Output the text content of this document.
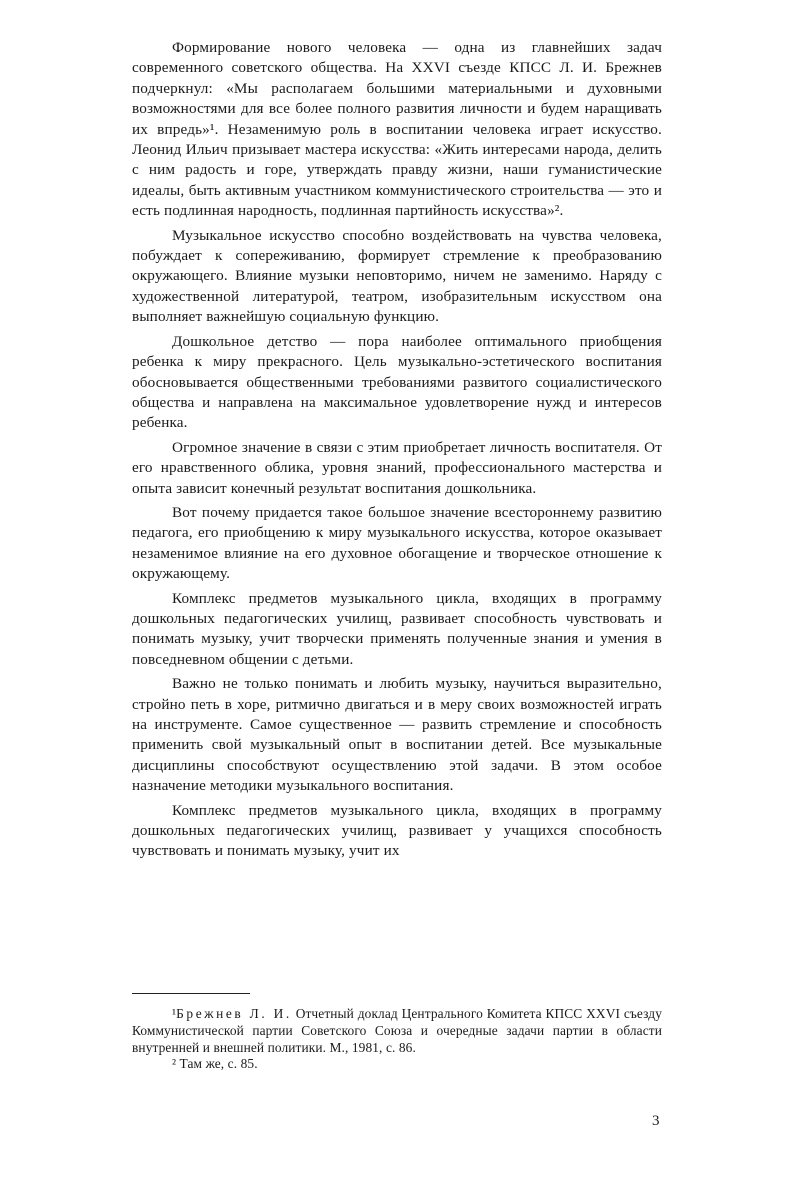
Формирование нового человека — одна из главнейших задач современного советского общества. На XXVI съезде КПСС Л. И. Брежнев подчеркнул: «Мы располагаем большими материальными и духовными возможностями для все более полного развития личности и будем наращивать их впредь»¹. Незаменимую роль в воспитании человека играет искусство. Леонид Ильич призывает мастера искусства: «Жить интересами народа, делить с ним радость и горе, утверждать правду жизни, наши гуманистические идеалы, быть активным участником коммунистического строительства — это и есть подлинная народность, подлинная партийность искусства»².

Музыкальное искусство способно воздействовать на чувства человека, побуждает к сопереживанию, формирует стремление к преобразованию окружающего. Влияние музыки неповторимо, ничем не заменимо. Наряду с художественной литературой, театром, изобразительным искусством она выполняет важнейшую социальную функцию.

Дошкольное детство — пора наиболее оптимального приобщения ребенка к миру прекрасного. Цель музыкально-эстетического воспитания обосновывается общественными требованиями развитого социалистического общества и направлена на максимальное удовлетворение нужд и интересов ребенка.

Огромное значение в связи с этим приобретает личность воспитателя. От его нравственного облика, уровня знаний, профессионального мастерства и опыта зависит конечный результат воспитания дошкольника.

Вот почему придается такое большое значение всестороннему развитию педагога, его приобщению к миру музыкального искусства, которое оказывает незаменимое влияние на его духовное обогащение и творческое отношение к окружающему.

Комплекс предметов музыкального цикла, входящих в программу дошкольных педагогических училищ, развивает способность чувствовать и понимать музыку, учит творчески применять полученные знания и умения в повседневном общении с детьми.

Важно не только понимать и любить музыку, научиться выразительно, стройно петь в хоре, ритмично двигаться и в меру своих возможностей играть на инструменте. Самое существенное — развить стремление и способность применить свой музыкальный опыт в воспитании детей. Все музыкальные дисциплины способствуют осуществлению этой задачи. В этом особое назначение методики музыкального воспитания.

Комплекс предметов музыкального цикла, входящих в программу дошкольных педагогических училищ, развивает у учащихся способность чувствовать и понимать музыку, учит их

¹Брежнев Л. И. Отчетный доклад Центрального Комитета КПСС XXVI съезду Коммунистической партии Советского Союза и очередные задачи партии в области внутренней и внешней политики. М., 1981, с. 86.

² Там же, с. 85.

3
